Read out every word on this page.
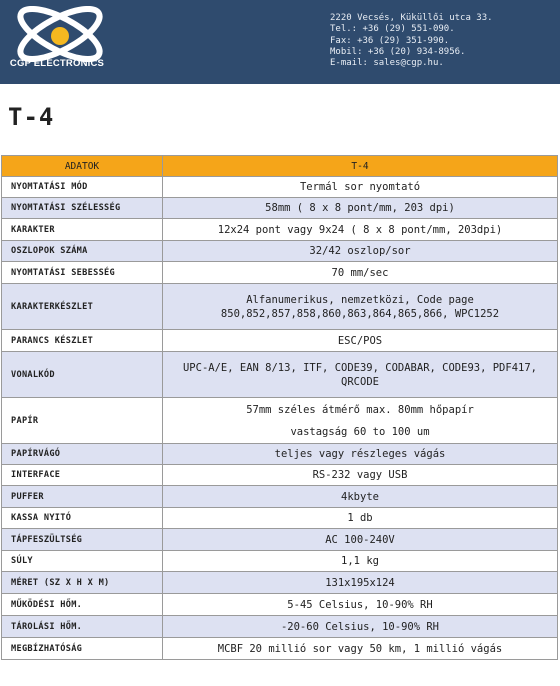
CGP ELECTRONICS
2220 Vecsés, Küküllői utca 33.
Tel.: +36 (29) 551-090.
Fax: +36 (29) 351-990.
Mobil: +36 (20) 934-8956.
E-mail: sales@cgp.hu.
T-4
ADATOK	T-4
NYOMTATÁSI MÓD	Termál sor nyomtató
NYOMTATÁSI SZÉLESSÉG	58mm ( 8 x 8 pont/mm, 203 dpi)
KARAKTER	12x24 pont vagy 9x24 ( 8 x 8 pont/mm, 203dpi)
OSZLOPOK SZÁMA	32/42 oszlop/sor
NYOMTATÁSI SEBESSÉG	70 mm/sec
KARAKTERKÉSZLET	Alfanumerikus, nemzetközi, Code page

850,852,857,858,860,863,864,865,866, WPC1252

PARANCS KÉSZLET	ESC/POS
VONALKÓD	UPC-A/E, EAN 8/13, ITF, CODE39, CODABAR, CODE93, PDF417,

QRCODE

PAPÍR	57mm széles átmérő max. 80mm hőpapír

vastagság 60 to 100 um

PAPÍRVÁGÓ	teljes vagy részleges vágás
INTERFACE	RS-232 vagy USB
PUFFER	4kbyte
KASSA NYITÓ	1 db
TÁPFESZÜLTSÉG	AC 100-240V
SÚLY	1,1 kg
MÉRET (SZ X H X M)	131x195x124
MŰKÖDÉSI HŐM.	5-45 Celsius, 10-90% RH
TÁROLÁSI HŐM.	-20-60 Celsius, 10-90% RH
MEGBÍZHATÓSÁG	MCBF 20 millió sor vagy 50 km, 1 millió vágás
